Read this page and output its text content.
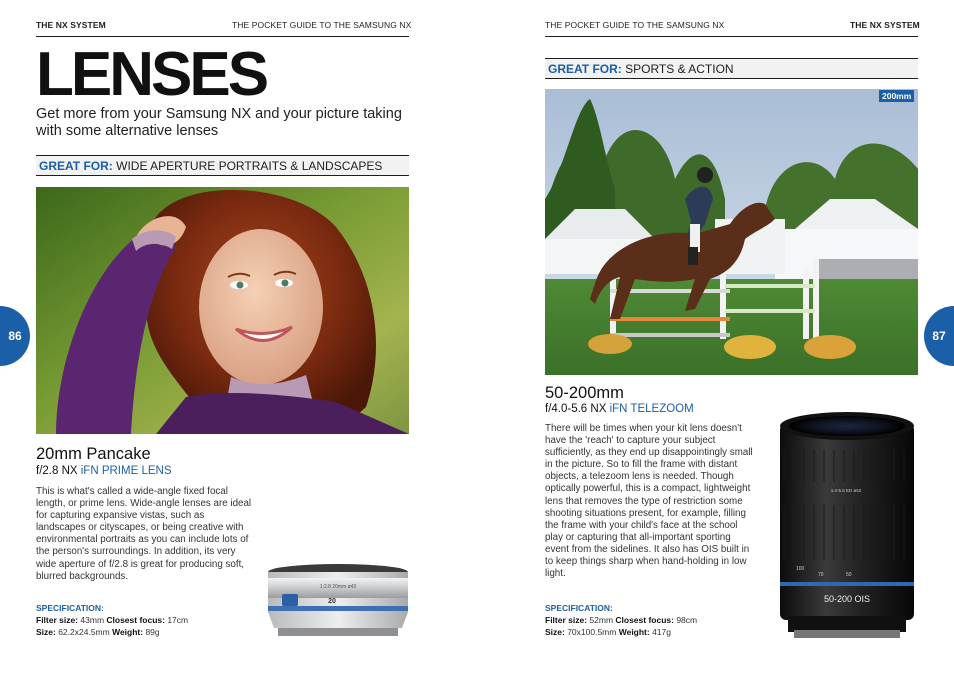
THE NX SYSTEM	THE POCKET GUIDE TO THE SAMSUNG NX
LENSES
Get more from your Samsung NX and your picture taking with some alternative lenses
GREAT FOR: WIDE APERTURE PORTRAITS & LANDSCAPES
20mm Pancake
f/2.8 NX iFN PRIME LENS
This is what's called a wide-angle fixed focal length, or prime lens. Wide-angle lenses are ideal for capturing expansive vistas, such as landscapes or cityscapes, or being creative with environmental portraits as you can include lots of the person's surroundings. In addition, its very wide aperture of f/2.8 is great for producing soft, blurred backgrounds.
SPECIFICATION:
Filter size: 43mm Closest focus: 17cm
Size: 62.2x24.5mm Weight: 89g
1:2.8 20mm ø43
20
86
THE POCKET GUIDE TO THE SAMSUNG NX	THE NX SYSTEM
GREAT FOR: SPORTS & ACTION
200mm
50-200mm
f/4.0-5.6 NX iFN TELEZOOM
There will be times when your kit lens doesn't have the 'reach' to capture your subject sufficiently, as they end up disappointingly small in the picture. So to fill the frame with distant objects, a telezoom lens is needed. Though optically powerful, this is a compact, lightweight lens that removes the type of restriction some shooting situations present, for example, filling the frame with your child's face at the school play or capturing that all-important sporting event from the sidelines. It also has OIS built in to keep things sharp when hand-holding in low light.
SPECIFICATION:
Filter size: 52mm Closest focus: 98cm
Size: 70x100.5mm Weight: 417g
1:4-5.6 ED ø52
100
70	50
50-200 OIS
87
